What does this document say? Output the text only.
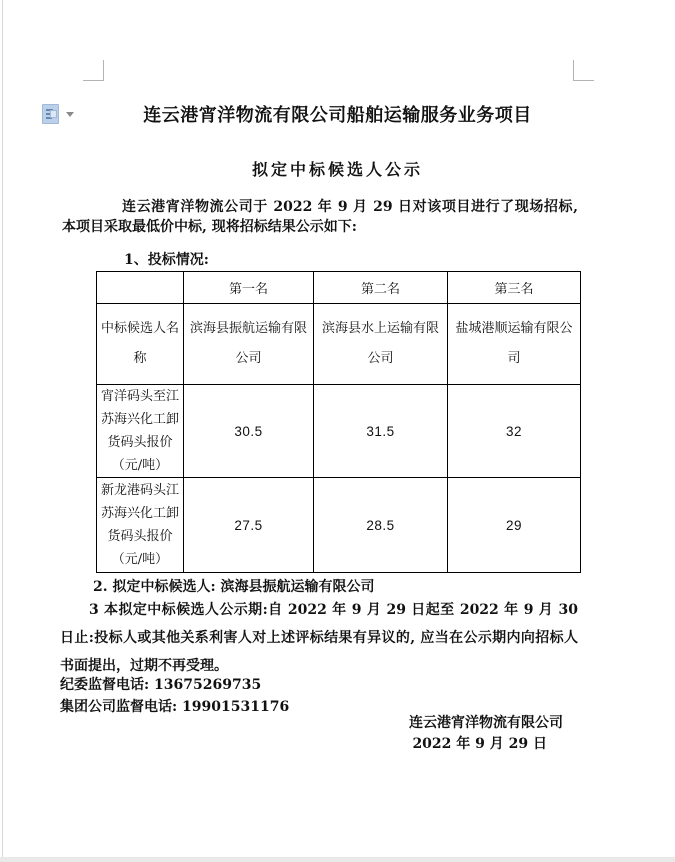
连云港宵洋物流有限公司船舶运输服务业务项目
拟定中标候选人公示
连云港宵洋物流公司于 2022 年 9 月 29 日对该项目进行了现场招标, 本项目采取最低价中标, 现将招标结果公示如下:
1、投标情况:
	第一名	第二名	第三名
中标候选人名称	滨海县振航运输有限公司	滨海县水上运输有限公司	盐城港顺运输有限公司
宵洋码头至江苏海兴化工卸货码头报价（元/吨）	30.5	31.5	32
新龙港码头江苏海兴化工卸货码头报价（元/吨）	27.5	28.5	29
2. 拟定中标候选人: 滨海县振航运输有限公司
3 本拟定中标候选人公示期:自 2022 年 9 月 29 日起至 2022 年 9 月 30 日止:投标人或其他关系利害人对上述评标结果有异议的, 应当在公示期内向招标人书面提出，过期不再受理。
纪委监督电话: 13675269735
集团公司监督电话: 19901531176
连云港宵洋物流有限公司
2022 年 9 月 29 日
